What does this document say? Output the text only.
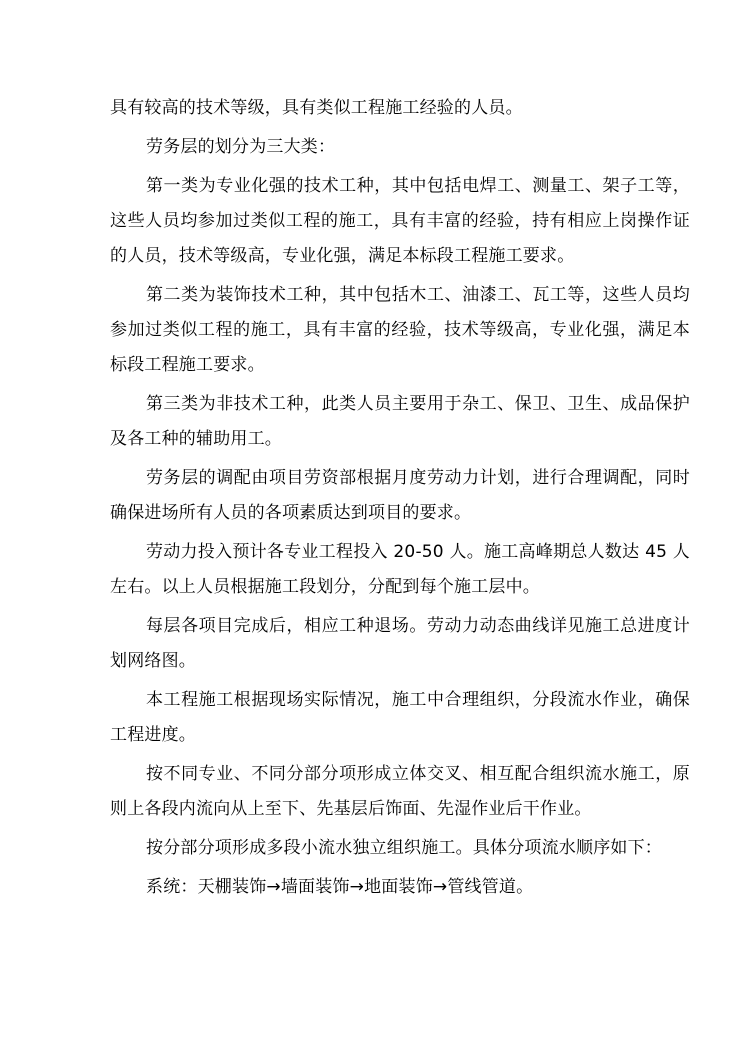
具有较高的技术等级，具有类似工程施工经验的人员。

劳务层的划分为三大类：

第一类为专业化强的技术工种，其中包括电焊工、测量工、架子工等，这些人员均参加过类似工程的施工，具有丰富的经验，持有相应上岗操作证的人员，技术等级高，专业化强，满足本标段工程施工要求。

第二类为装饰技术工种，其中包括木工、油漆工、瓦工等，这些人员均参加过类似工程的施工，具有丰富的经验，技术等级高，专业化强，满足本标段工程施工要求。

第三类为非技术工种，此类人员主要用于杂工、保卫、卫生、成品保护及各工种的辅助用工。

劳务层的调配由项目劳资部根据月度劳动力计划，进行合理调配，同时确保进场所有人员的各项素质达到项目的要求。

劳动力投入预计各专业工程投入 20-50 人。施工高峰期总人数达 45 人左右。以上人员根据施工段划分，分配到每个施工层中。

每层各项目完成后，相应工种退场。劳动力动态曲线详见施工总进度计划网络图。

本工程施工根据现场实际情况，施工中合理组织，分段流水作业，确保工程进度。

按不同专业、不同分部分项形成立体交叉、相互配合组织流水施工，原则上各段内流向从上至下、先基层后饰面、先湿作业后干作业。

按分部分项形成多段小流水独立组织施工。具体分项流水顺序如下：

系统：天棚装饰→墙面装饰→地面装饰→管线管道。
